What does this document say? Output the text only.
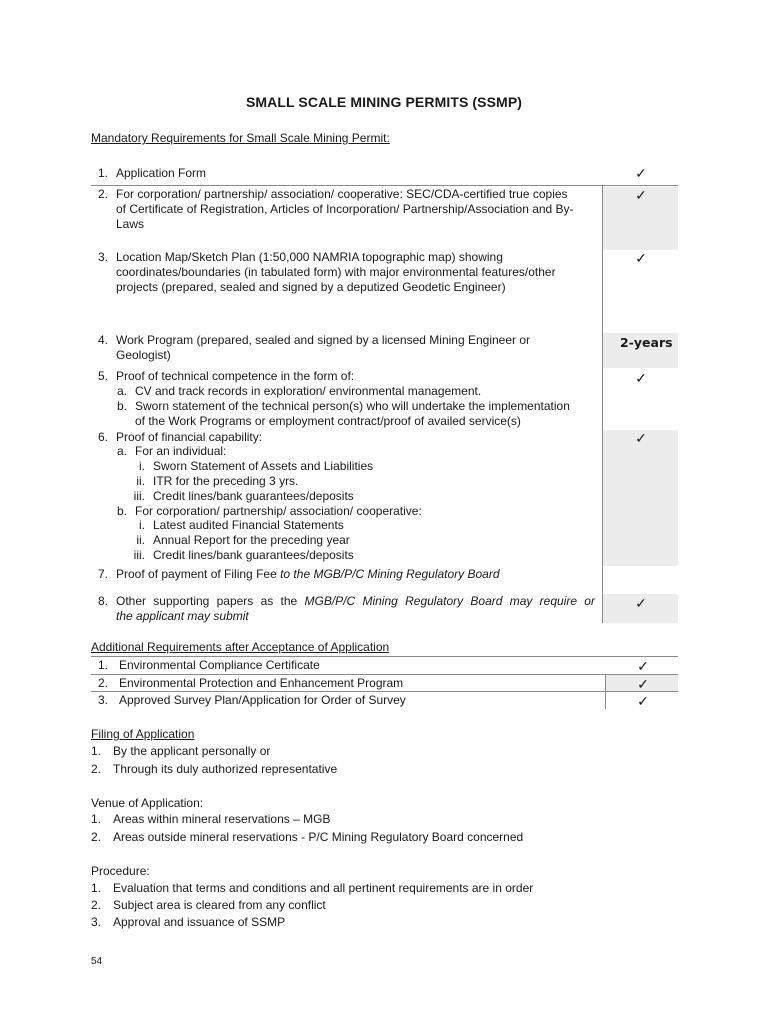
SMALL SCALE MINING PERMITS (SSMP)
Mandatory Requirements for Small Scale Mining Permit:
1. Application Form	✓
2. For corporation/ partnership/ association/ cooperative: SEC/CDA-certified true copies
of Certificate of Registration, Articles of Incorporation/ Partnership/Association and By-
Laws
✓
3. Location Map/Sketch Plan (1:50,000 NAMRIA topographic map) showing
coordinates/boundaries (in tabulated form) with major environmental features/other
projects (prepared, sealed and signed by a deputized Geodetic Engineer)
✓
4. Work Program (prepared, sealed and signed by a licensed Mining Engineer or
Geologist)
2-years
5. Proof of technical competence in the form of:	✓
a. CV and track records in exploration/ environmental management.
b. Sworn statement of the technical person(s) who will undertake the implementation
of the Work Programs or employment contract/proof of availed service(s)
6. Proof of financial capability:	✓
a. For an individual:
i. Sworn Statement of Assets and Liabilities
ii. ITR for the preceding 3 yrs.
iii. Credit lines/bank guarantees/deposits
b. For corporation/ partnership/ association/ cooperative:
i. Latest audited Financial Statements
ii. Annual Report for the preceding year
iii. Credit lines/bank guarantees/deposits
7. Proof of payment of Filing Fee to the MGB/P/C Mining Regulatory Board
8. Other supporting papers as the MGB/P/C Mining Regulatory Board may require or
the applicant may submit
✓
Additional Requirements after Acceptance of Application
1. Environmental Compliance Certificate	✓
2. Environmental Protection and Enhancement Program	✓
3. Approved Survey Plan/Application for Order of Survey	✓
Filing of Application
1. By the applicant personally or
2. Through its duly authorized representative
Venue of Application:
1. Areas within mineral reservations – MGB
2. Areas outside mineral reservations - P/C Mining Regulatory Board concerned
Procedure:
1. Evaluation that terms and conditions and all pertinent requirements are in order
2. Subject area is cleared from any conflict
3. Approval and issuance of SSMP
54
